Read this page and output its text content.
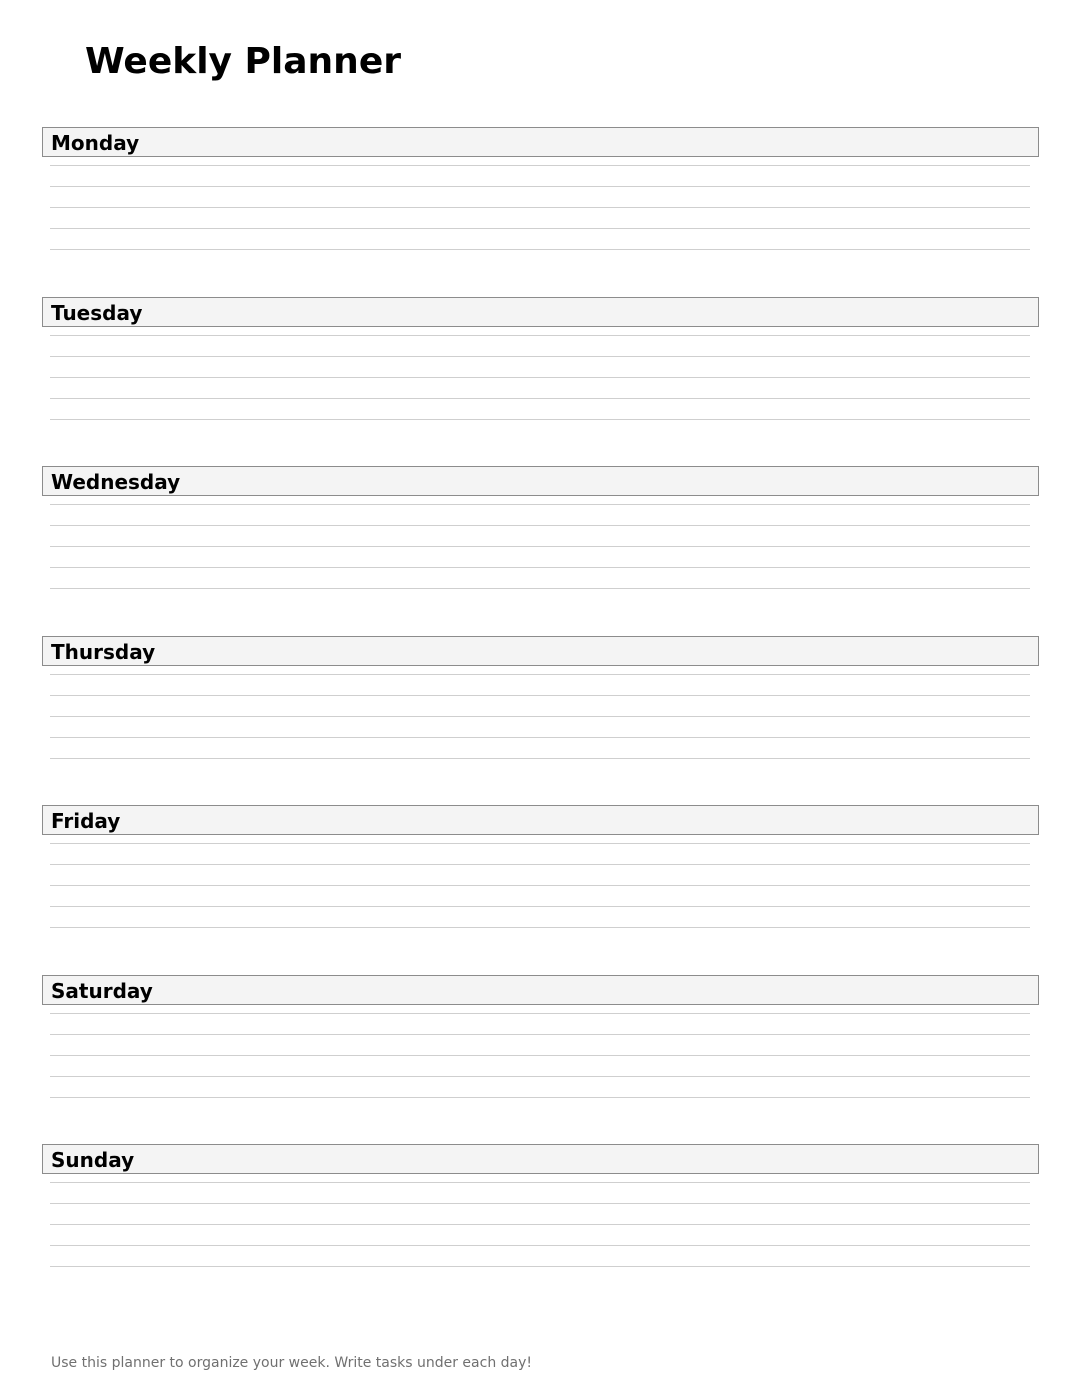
Weekly Planner
Monday
Tuesday
Wednesday
Thursday
Friday
Saturday
Sunday

Use this planner to organize your week. Write tasks under each day!
